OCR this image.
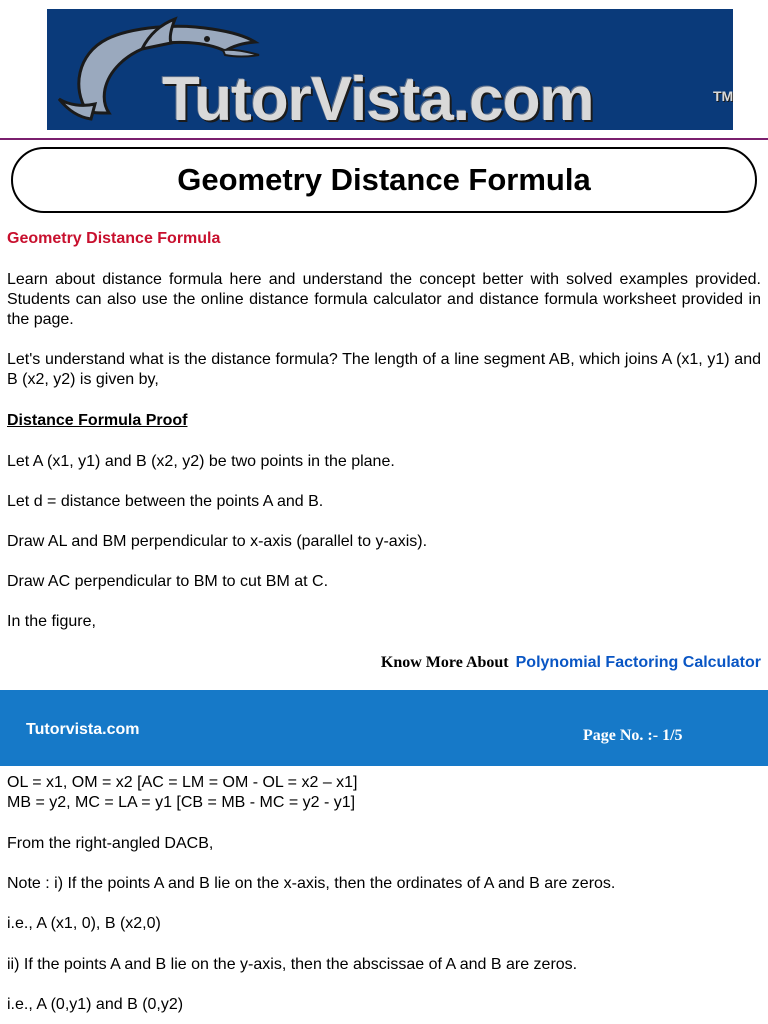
TutorVista.com	TM
Geometry Distance Formula
Geometry Distance Formula
Learn about distance formula here and understand the concept better with solved examples provided. Students can also use the online distance formula calculator and distance formula worksheet provided in the page.
Let's understand what is the distance formula? The length of a line segment AB, which joins A (x1, y1) and B (x2, y2) is given by,
Distance Formula Proof
Let A (x1, y1) and B (x2, y2) be two points in the plane.
Let d = distance between the points A and B.
Draw AL and BM perpendicular to x-axis (parallel to y-axis).
Draw AC perpendicular to BM to cut BM at C.
In the figure,
Know More About Polynomial Factoring Calculator
Tutorvista.com	Page No. :- 1/5
OL = x1, OM = x2 [AC = LM = OM - OL = x2 – x1]
MB = y2, MC = LA = y1 [CB = MB - MC = y2 - y1]
From the right-angled DACB,
Note : i) If the points A and B lie on the x-axis, then the ordinates of A and B are zeros.
i.e., A (x1, 0), B (x2,0)
ii) If the points A and B lie on the y-axis, then the abscissae of A and B are zeros.
i.e., A (0,y1) and B (0,y2)
